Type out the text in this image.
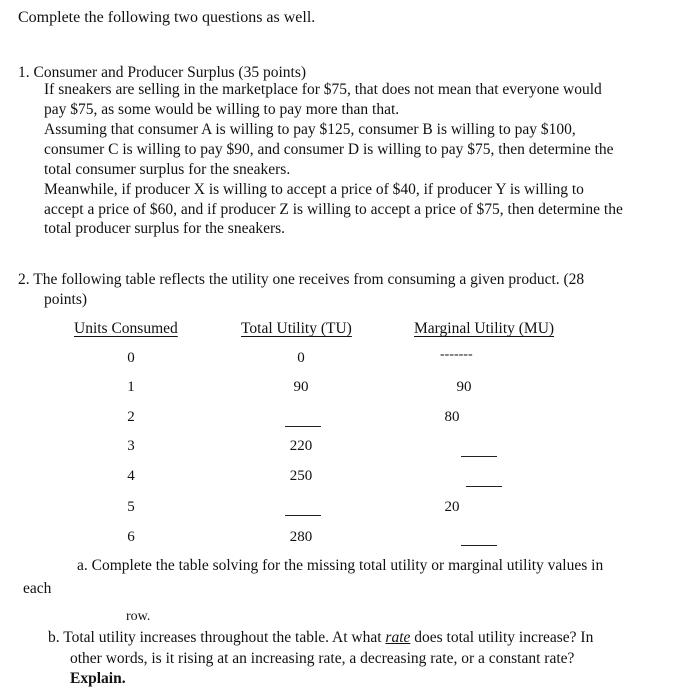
Complete the following two questions as well.
1. Consumer and Producer Surplus (35 points)
If sneakers are selling in the marketplace for $75, that does not mean that everyone would
pay $75, as some would be willing to pay more than that.
Assuming that consumer A is willing to pay $125, consumer B is willing to pay $100,
consumer C is willing to pay $90, and consumer D is willing to pay $75, then determine the
total consumer surplus for the sneakers.
Meanwhile, if producer X is willing to accept a price of $40, if producer Y is willing to
accept a price of $60, and if producer Z is willing to accept a price of $75, then determine the
total producer surplus for the sneakers.
2. The following table reflects the utility one receives from consuming a given product. (28
points)
Units Consumed	Total Utility (TU)	Marginal Utility (MU)
0
1
2
3
4
5
6
0
90
220
250
280
-------
90
80
20
a. Complete the table solving for the missing total utility or marginal utility values in
each
row.
b. Total utility increases throughout the table. At what rate does total utility increase? In
other words, is it rising at an increasing rate, a decreasing rate, or a constant rate?
Explain.
